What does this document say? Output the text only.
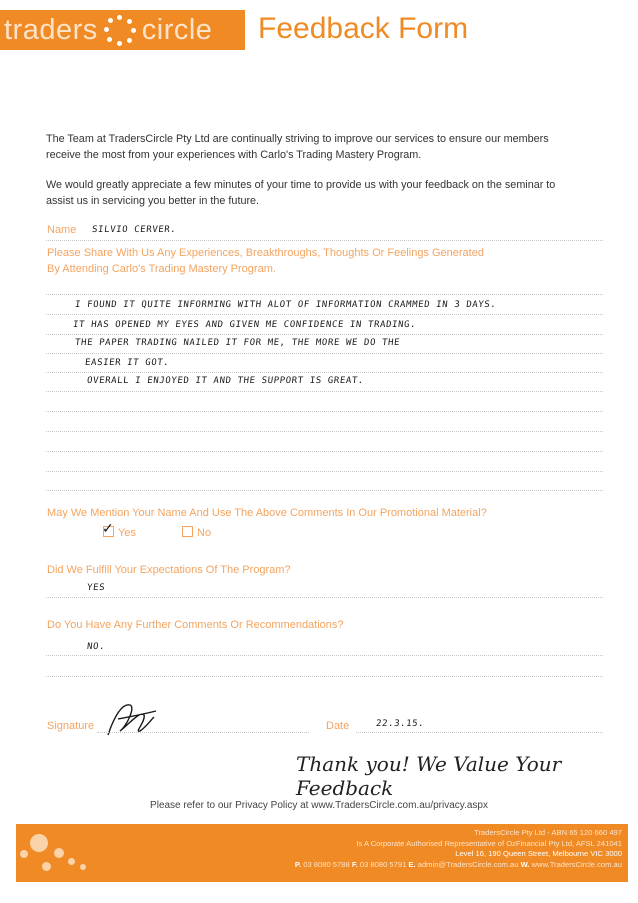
traders circle Feedback Form

The Team at TradersCircle Pty Ltd are continually striving to improve our services to ensure our members receive the most from your experiences with Carlo's Trading Mastery Program.

We would greatly appreciate a few minutes of your time to provide us with your feedback on the seminar to assist us in servicing you better in the future.

Name SILVIO CERVER.

Please Share With Us Any Experiences, Breakthroughs, Thoughts Or Feelings Generated

By Attending Carlo's Trading Mastery Program.

I FOUND IT QUITE INFORMING WITH ALOT OF INFORMATION CRAMMED IN 3 DAYS.
IT HAS OPENED MY EYES AND GIVEN ME CONFIDENCE IN TRADING.
THE PAPER TRADING NAILED IT FOR ME, THE MORE WE DO THE
EASIER IT GOT.
OVERALL I ENJOYED IT AND THE SUPPORT IS GREAT.

May We Mention Your Name And Use The Above Comments In Our Promotional Material?

✓ Yes	No

Did We Fulfill Your Expectations Of The Program?

YES

Do You Have Any Further Comments Or Recommendations?

NO.

Signature	Date	22.3.15.
Thank you! We Value Your Feedback
Please refer to our Privacy Policy at www.TradersCircle.com.au/privacy.aspx
TradersCircle Pty Ltd - ABN 65 120 660 497
Is A Corporate Authorised Representative of OzFinancial Pty Ltd, AFSL 241041
Level 16, 190 Queen Street, Melbourne VIC 3000
P. 03 8080 5788 F. 03 8080 5791 E. admin@TradersCircle.com.au W. www.TradersCircle.com.au
